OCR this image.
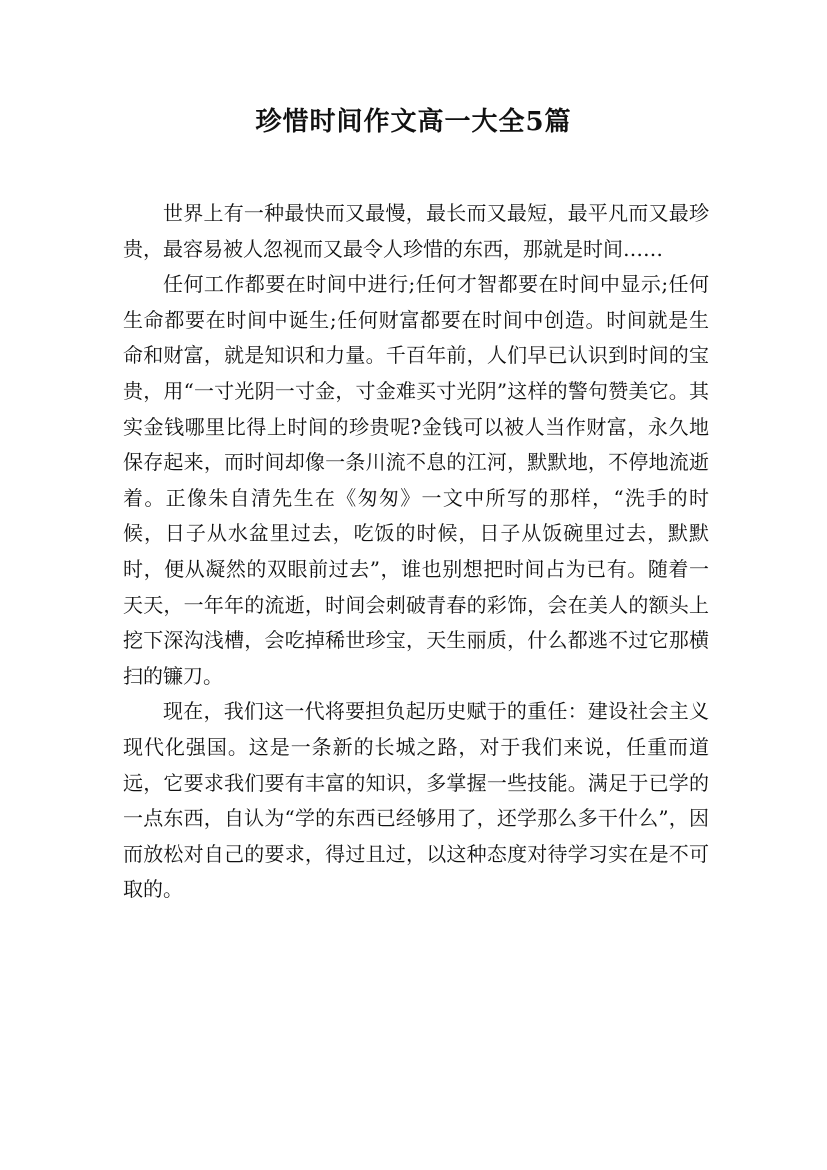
珍惜时间作文高一大全5篇

世界上有一种最快而又最慢，最长而又最短，最平凡而又最珍贵，最容易被人忽视而又最令人珍惜的东西，那就是时间……

任何工作都要在时间中进行;任何才智都要在时间中显示;任何生命都要在时间中诞生;任何财富都要在时间中创造。时间就是生命和财富，就是知识和力量。千百年前，人们早已认识到时间的宝贵，用“一寸光阴一寸金，寸金难买寸光阴”这样的警句赞美它。其实金钱哪里比得上时间的珍贵呢?金钱可以被人当作财富，永久地保存起来，而时间却像一条川流不息的江河，默默地，不停地流逝着。正像朱自清先生在《匆匆》一文中所写的那样，“洗手的时候，日子从水盆里过去，吃饭的时候，日子从饭碗里过去，默默时，便从凝然的双眼前过去”，谁也别想把时间占为已有。随着一天天，一年年的流逝，时间会刺破青春的彩饰，会在美人的额头上挖下深沟浅槽，会吃掉稀世珍宝，天生丽质，什么都逃不过它那横扫的镰刀。

现在，我们这一代将要担负起历史赋于的重任：建设社会主义现代化强国。这是一条新的长城之路，对于我们来说，任重而道远，它要求我们要有丰富的知识，多掌握一些技能。满足于已学的一点东西，自认为“学的东西已经够用了，还学那么多干什么”，因而放松对自己的要求，得过且过，以这种态度对待学习实在是不可取的。
